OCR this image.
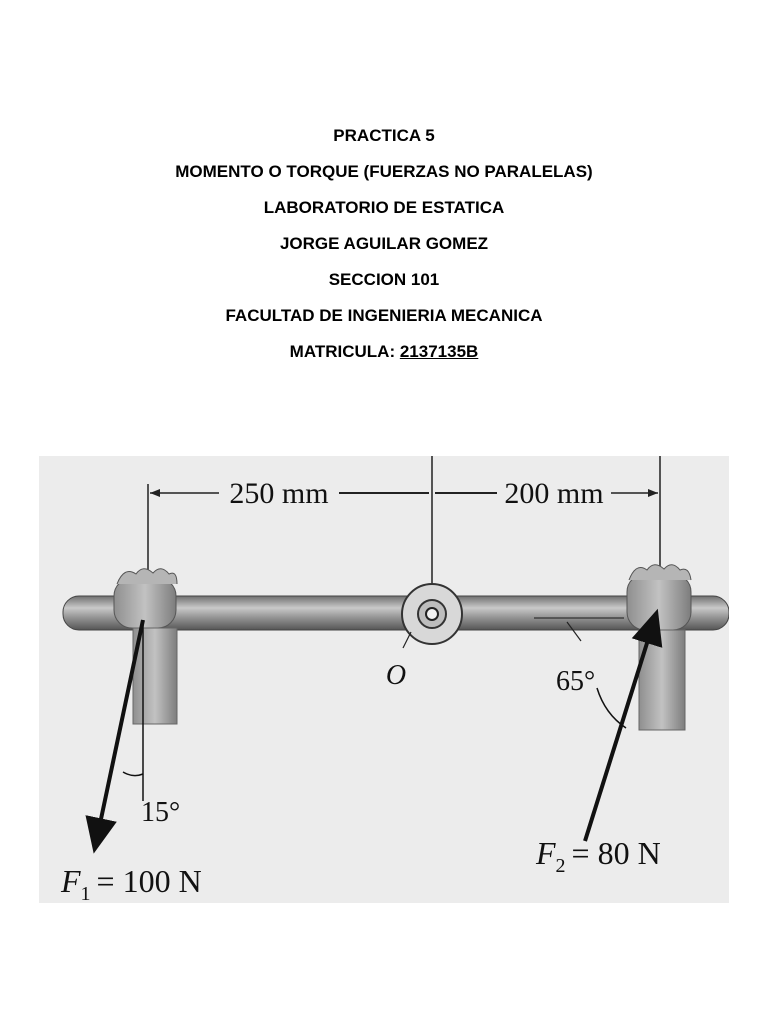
PRACTICA 5
MOMENTO O TORQUE (FUERZAS NO PARALELAS)
LABORATORIO DE ESTATICA
JORGE AGUILAR GOMEZ
SECCION 101
FACULTAD DE INGENIERIA MECANICA
MATRICULA: 2137135B
250 mm	200 mm
O
15°
$F_1 = 100$ N
65°
$F_2 = 80$ N
